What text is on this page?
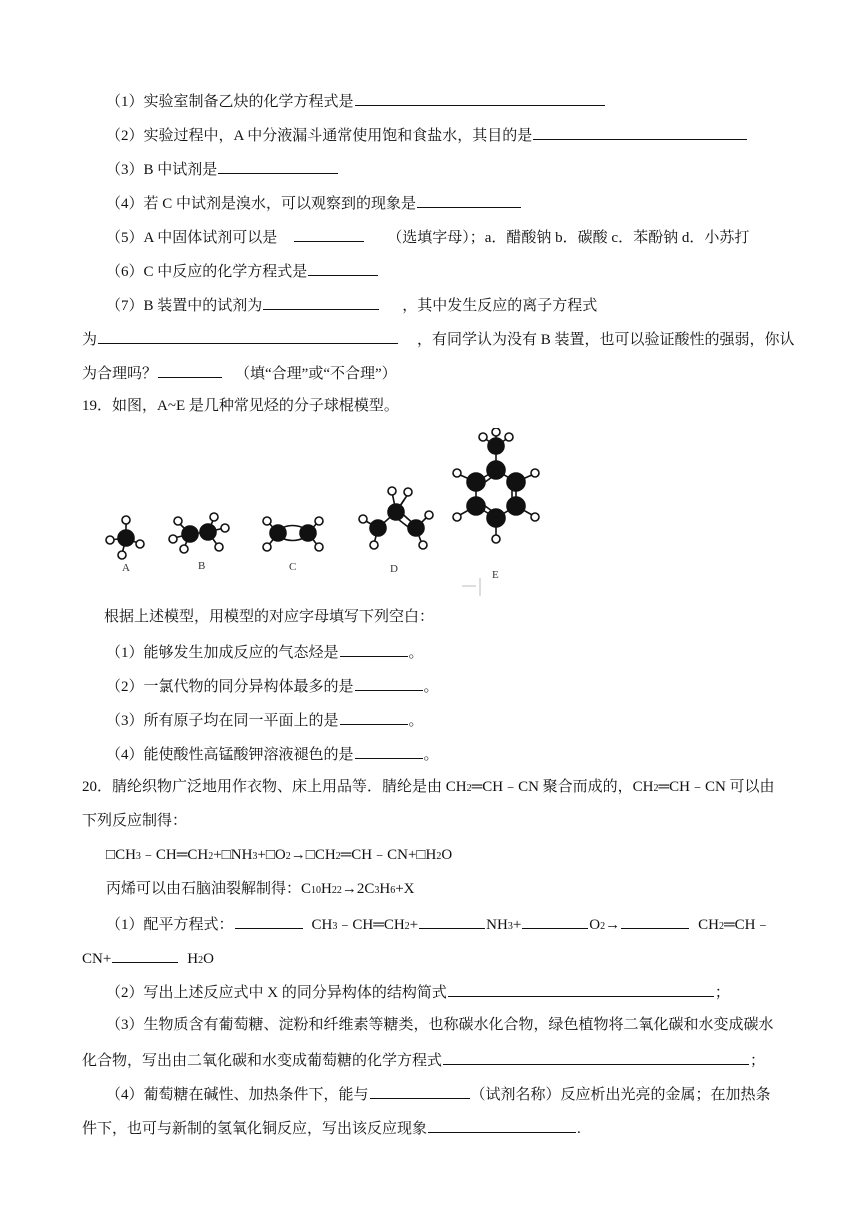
（1）实验室制备乙炔的化学方程式是
（2）实验过程中，A 中分液漏斗通常使用饱和食盐水，其目的是
（3）B 中试剂是
（4）若 C 中试剂是溴水，可以观察到的现象是
（5）A 中固体试剂可以是	（选填字母）；a．醋酸钠 b．碳酸 c．苯酚钠 d．小苏打
（6）C 中反应的化学方程式是
（7）B 装置中的试剂为	，其中发生反应的离子方程式
为	，有同学认为没有 B 装置，也可以验证酸性的强弱，你认
为合理吗？	（填“合理”或“不合理”）
19．如图，A~E 是几种常见烃的分子球棍模型。
A	B	C	D	E
根据上述模型，用模型的对应字母填写下列空白：
（1）能够发生加成反应的气态烃是	。
（2）一氯代物的同分异构体最多的是	。
（3）所有原子均在同一平面上的是	。
（4）能使酸性高锰酸钾溶液褪色的是	。
20． 腈纶织物广泛地用作衣物、床上用品等．腈纶是由 CH 2 ═CH﹣CN 聚合而成的，CH 2 ═CH﹣CN 可以由
下列反应制得：
□ CH 3 ﹣CH═CH 2 +□NH 3 +□O 2 →□CH 2 ═CH﹣CN+□H 2 O
丙烯可以由石脑油裂解制得：C 10 H 22 →2C 3 H 6 +X
（1）配平方程式：	CH 3 ﹣CH═CH 2 +	NH 3 +	O 2 →	CH 2 ═CH﹣
CN+	H 2 O
（2）写出上述反应式中 X 的同分异构体的结构简式	；
（3）生物质含有葡萄糖、淀粉和纤维素等糖类，也称碳水化合物，绿色植物将二氧化碳和水变成碳水
化合物，写出由二氧化碳和水变成葡萄糖的化学方程式	；
（4）葡萄糖在碱性、加热条件下，能与	（试剂名称）反应析出光亮的金属；在加热条
件下，也可与新制的氢氧化铜反应，写出该反应现象	.
